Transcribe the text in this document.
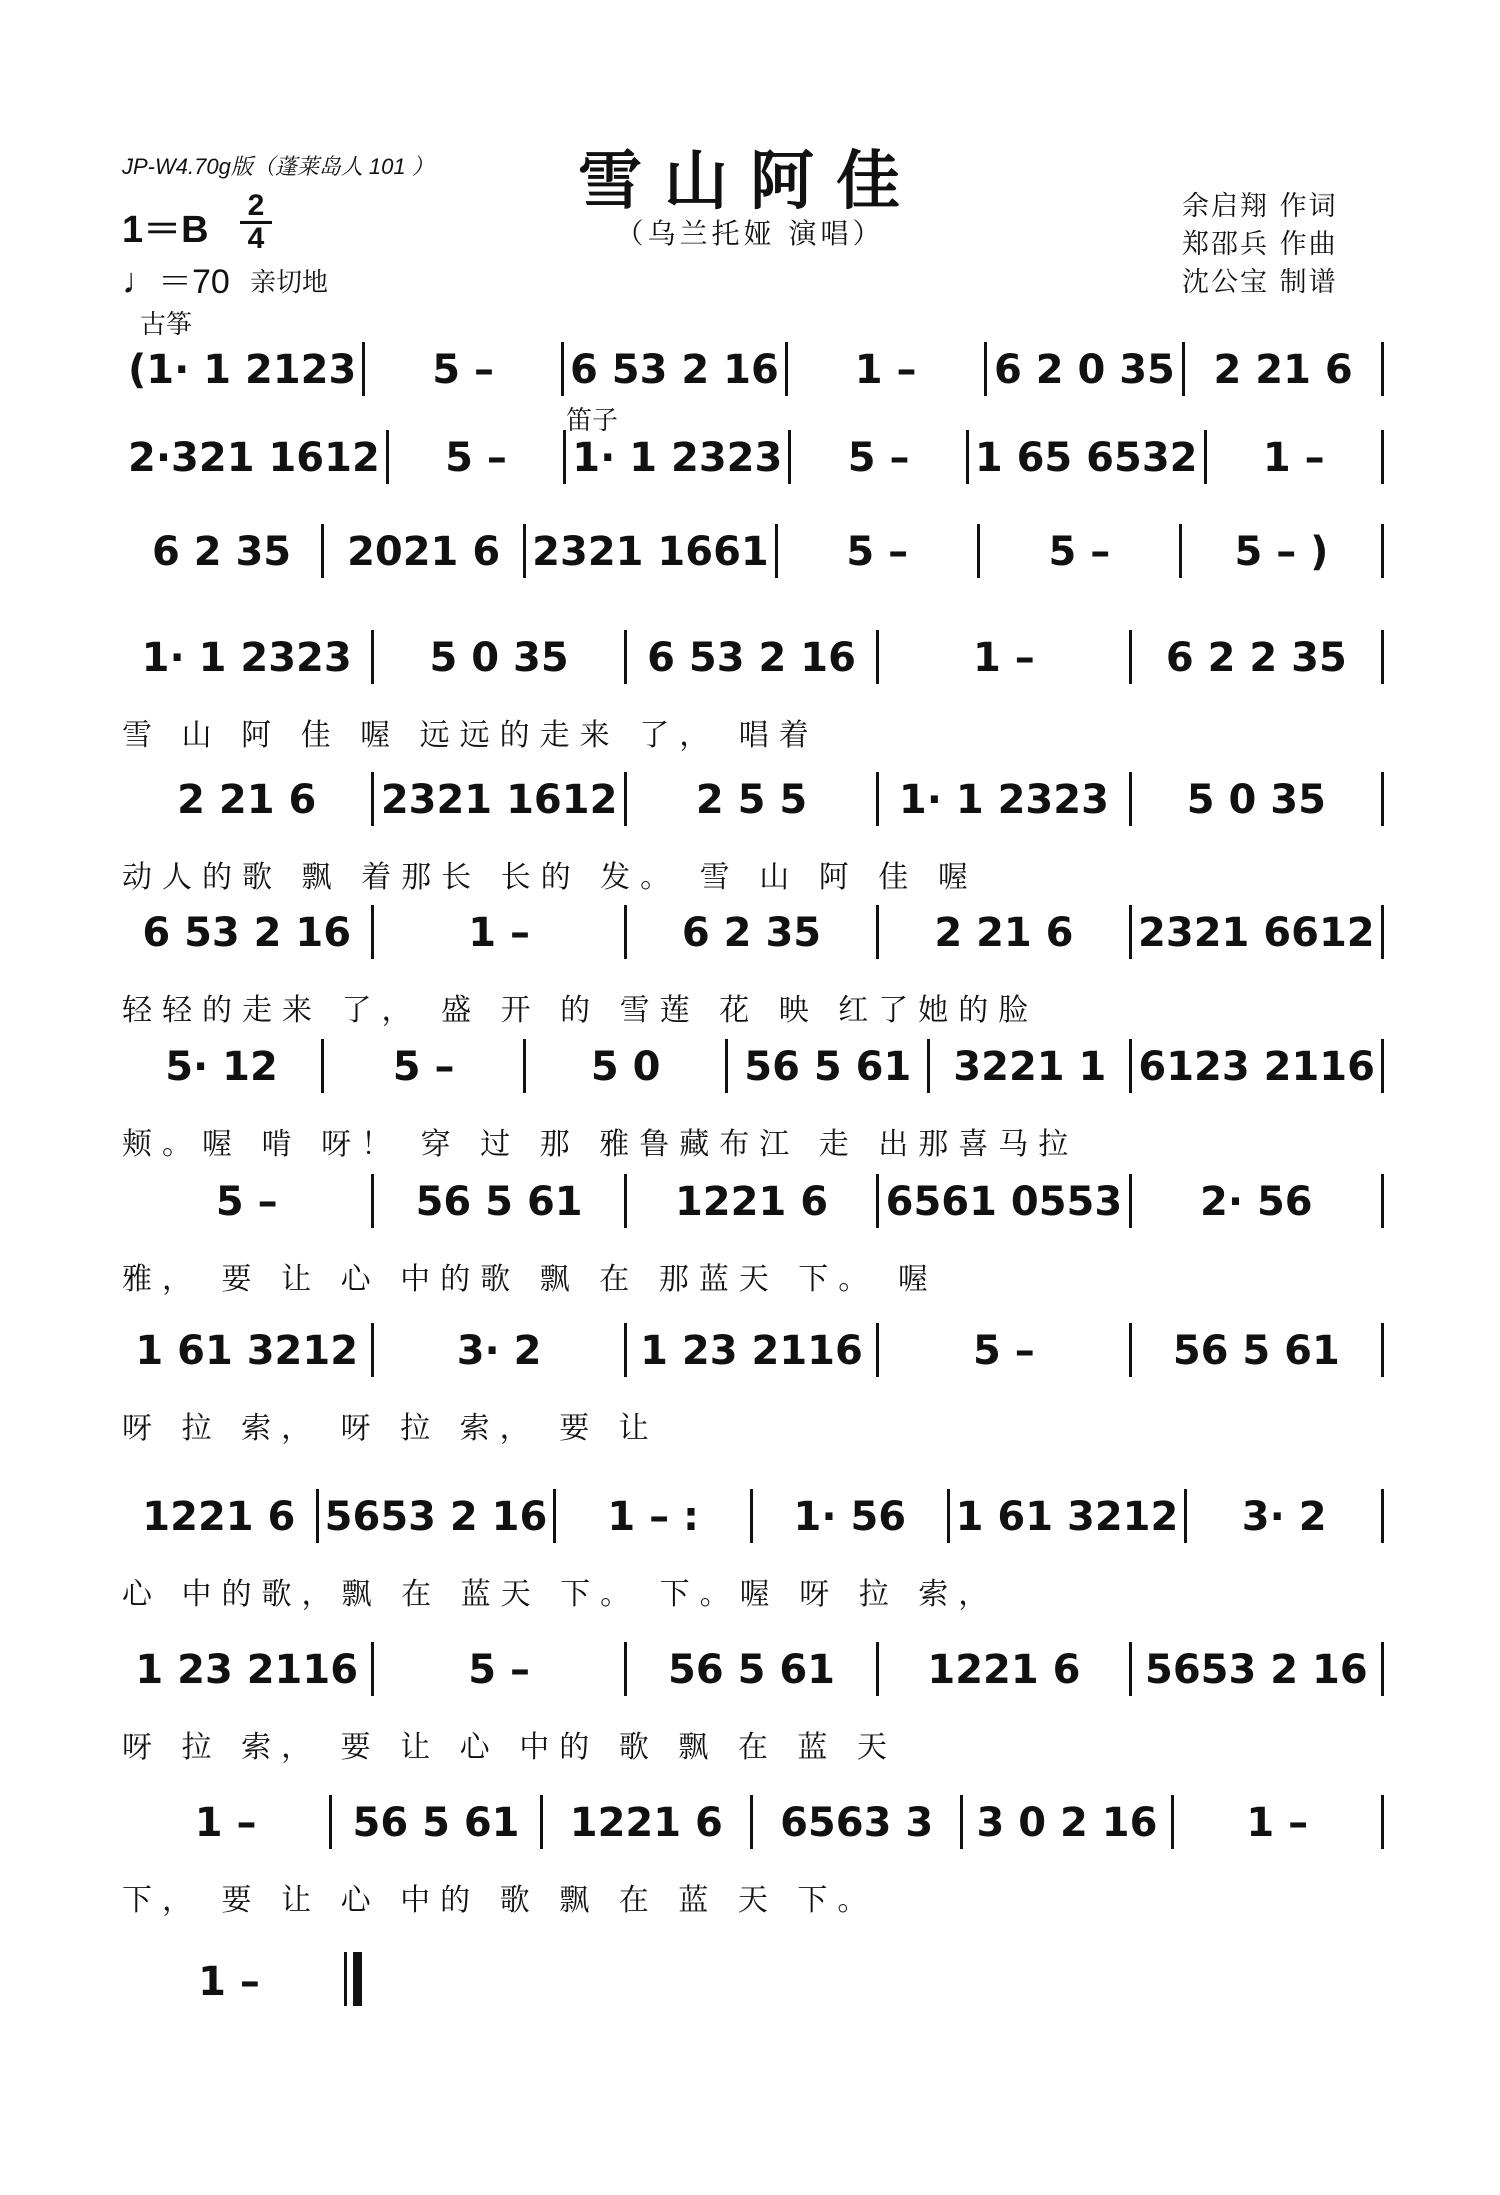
JP-W4.70g版（蓬莱岛人 101 ）	雪山阿佳
（乌兰托娅 演唱）
1＝B
2
4
♩＝70 亲切地
余启翔 作词
郑邵兵 作曲
沈公宝 制谱
古筝
笛子
(1· 1 2123	5 –	6 53 2 16	1 –	6 2 0 35 2 21 6
2·321 1612	5 –	1· 1 2323	5 –	1 65 6532	1 –
6 2 35	2021 6 2321 1661	5 –	5 –	5 – )
1· 1 2323	5 0 35	6 53 2 16	1 –	6 2 2 35
雪 山 阿 佳 喔 远远的走来 了， 唱着
2 21 6	2321 1612	2 5 5	1· 1 2323	5 0 35
动人的歌 飘 着那长 长的 发。 雪 山 阿 佳 喔
6 53 2 16	1 –	6 2 35	2 21 6	2321 6612
轻轻的走来 了， 盛 开 的 雪莲 花 映 红了她的脸
5· 12	5 –	5 0	56 5 61	3221 1 6123 2116
颊。喔 啃 呀！ 穿 过 那 雅鲁藏布江 走 出那喜马拉
5 –	56 5 61	1221 6	6561 0553	2· 56
雅， 要 让 心 中的歌 飘 在 那蓝天 下。 喔
1 61 3212	3· 2	1 23 2116	5 –	56 5 61
呀 拉 索， 呀 拉 索， 要 让
1221 6 5653 2 16	1 – :	1· 56	1 61 3212	3· 2
心 中的歌，飘 在 蓝天 下。 下。喔 呀 拉 索，
1 23 2116	5 –	56 5 61	1221 6	5653 2 16
呀 拉 索， 要 让 心 中的 歌 飘 在 蓝 天
1 –	56 5 61	1221 6	6563 3	3 0 2 16	1 –
下， 要 让 心 中的 歌 飘 在 蓝 天 下。
1 –
